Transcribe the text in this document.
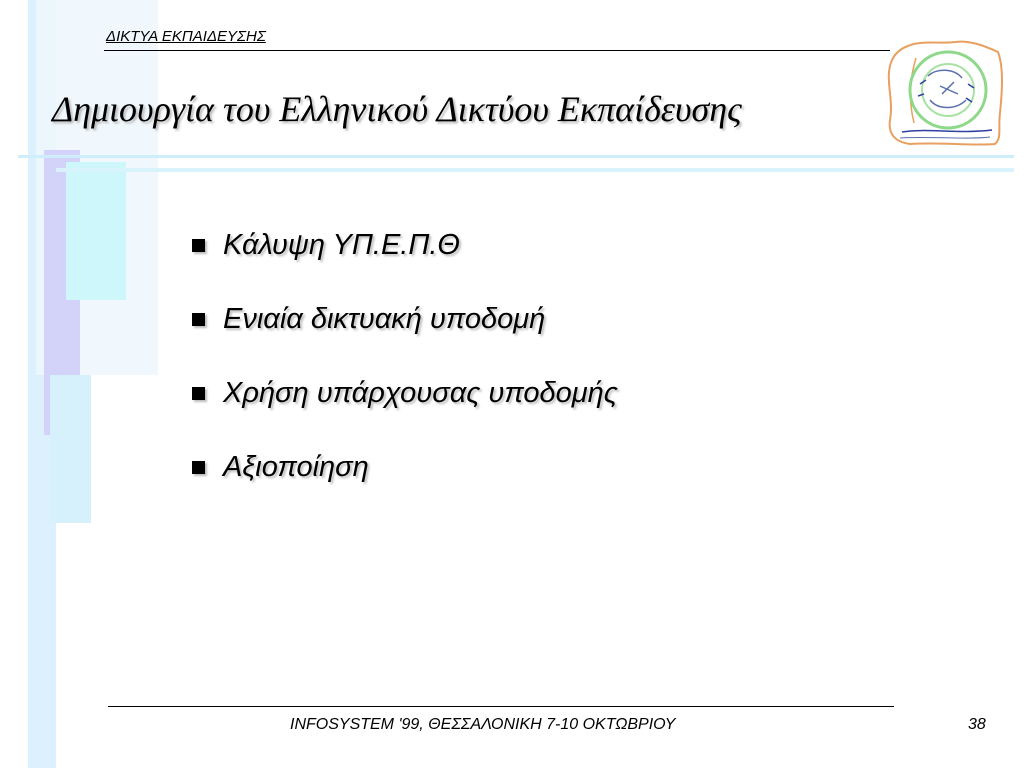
ΔΙΚΤΥΑ ΕΚΠΑΙΔΕΥΣΗΣ
Δημιουργία του Ελληνικού Δικτύου Εκπαίδευσης
Κάλυψη ΥΠ.Ε.Π.Θ
Ενιαία δικτυακή υποδομή
Χρήση υπάρχουσας υποδομής
Αξιοποίηση
INFOSYSTEM '99, ΘΕΣΣΑΛΟΝΙΚΗ 7-10 ΟΚΤΩΒΡΙΟΥ	38
